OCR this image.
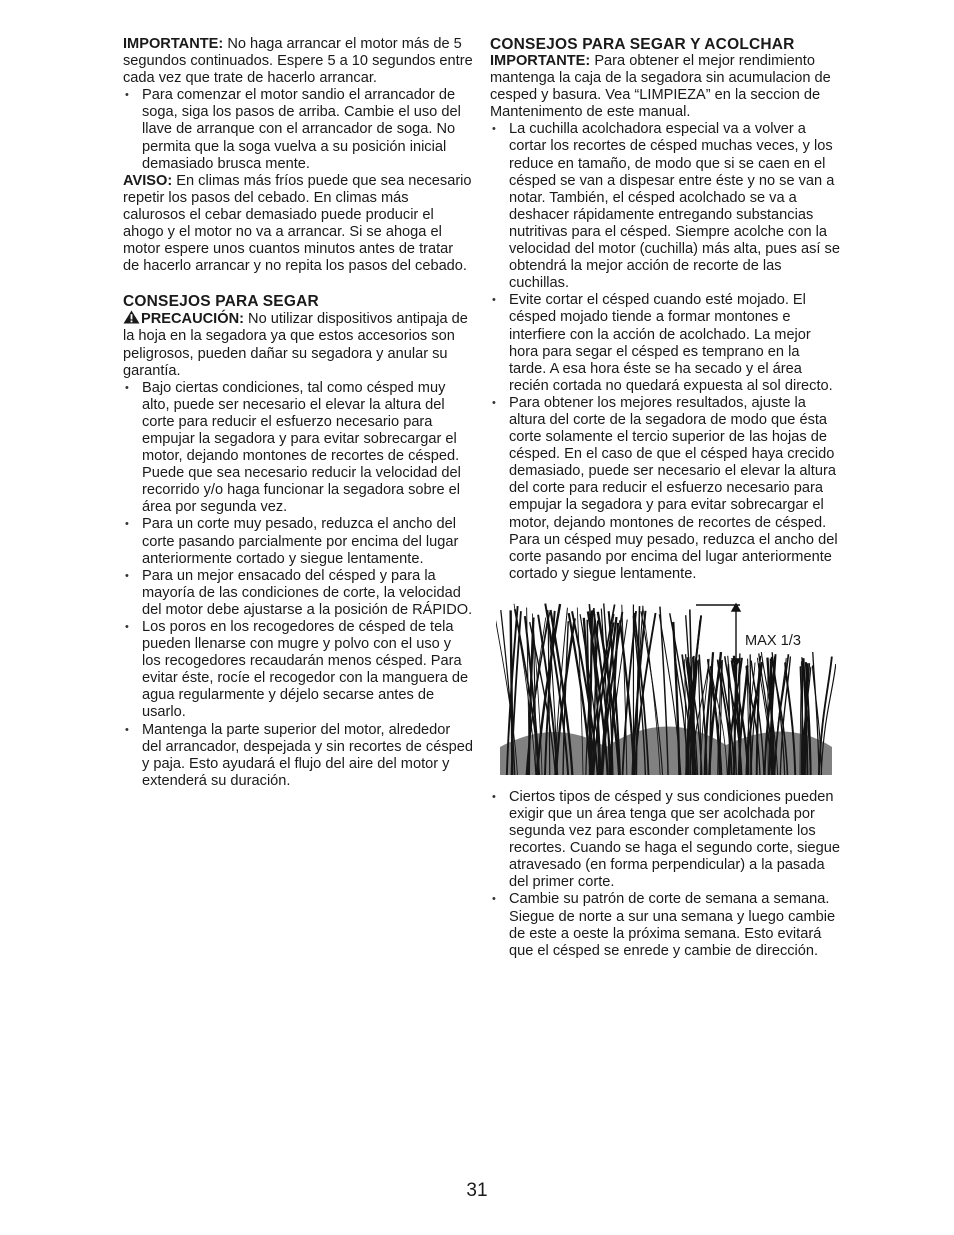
IMPORTANTE: No haga arrancar el motor más de 5 segundos continuados. Espere 5 a 10 segundos entre cada vez que trate de hacerlo arrancar.

• Para comenzar el motor sandio el arrancador de soga, siga los pasos de arriba. Cambie el uso del llave de arranque con el arrancador de soga. No permita que la soga vuelva a su posición inicial demasiado brusca mente.

AVISO: En climas más fríos puede que sea necesario repetir los pasos del cebado. En climas más calurosos el cebar demasiado puede producir el ahogo y el motor no va a arrancar. Si se ahoga el motor espere unos cuantos minutos antes de tratar de hacerlo arrancar y no repita los pasos del cebado.

CONSEJOS PARA SEGAR

PRECAUCIÓN: No utilizar dispositivos antipaja de la hoja en la segadora ya que estos accesorios son peligrosos, pueden dañar su segadora y anular su garantía.

• Bajo ciertas condiciones, tal como césped muy alto, puede ser necesario el elevar la altura del corte para reducir el esfuerzo necesario para empujar la segadora y para evitar sobrecargar el motor, dejando montones de recortes de césped. Puede que sea necesario reducir la velocidad del recorrido y/o haga funcionar la segadora sobre el área por segunda vez.
• Para un corte muy pesado, reduzca el ancho del corte pasando parcialmente por encima del lugar anteriormente cortado y siegue lentamente.
• Para un mejor ensacado del césped y para la mayoría de las condiciones de corte, la velocidad del motor debe ajustarse a la posición de RÁPIDO.
• Los poros en los recogedores de césped de tela pueden llenarse con mugre y polvo con el uso y los recogedores recaudarán menos césped. Para evitar éste, rocíe el recogedor con la manguera de agua regularmente y déjelo secarse antes de usarlo.
• Mantenga la parte superior del motor, alrededor del arrancador, despejada y sin recortes de césped y paja. Esto ayudará el flujo del aire del motor y extenderá su duración.
CONSEJOS PARA SEGAR Y ACOLCHAR

IMPORTANTE: Para obtener el mejor rendimiento mantenga la caja de la segadora sin acumulacion de cesped y basura. Vea “LIMPIEZA” en la seccion de Mantenimento de este manual.

• La cuchilla acolchadora especial va a volver a cortar los recortes de césped muchas veces, y los reduce en tamaño, de modo que si se caen en el césped se van a dispesar entre éste y no se van a notar. También, el césped acolchado se va a deshacer rápidamente entregando substancias nutritivas para el césped. Siempre acolche con la velocidad del motor (cuchilla) más alta, pues así se obtendrá la mejor acción de recorte de las cuchillas.
• Evite cortar el césped cuando esté mojado. El césped mojado tiende a formar montones e interfiere con la acción de acolchado. La mejor hora para segar el césped es temprano en la tarde. A esa hora éste se ha secado y el área recién cortada no quedará expuesta al sol directo.
• Para obtener los mejores resultados, ajuste la altura del corte de la segadora de modo que ésta corte solamente el tercio superior de las hojas de césped. En el caso de que el césped haya crecido demasiado, puede ser necesario el elevar la altura del corte para reducir el esfuerzo necesario para empujar la segadora y para evitar sobrecargar el motor, dejando montones de recortes de césped. Para un césped muy pesado, reduzca el ancho del corte pasando por encima del lugar anteriormente cortado y siegue lentamente.
MAX 1/3
• Ciertos tipos de césped y sus condiciones pueden exigir que un área tenga que ser acolchada por segunda vez para esconder completamente los recortes. Cuando se haga el segundo corte, siegue atravesado (en forma perpendicular) a la pasada del primer corte.
• Cambie su patrón de corte de semana a semana. Siegue de norte a sur una semana y luego cambie de este a oeste la próxima semana. Esto evitará que el césped se enrede y cambie de dirección.
31
